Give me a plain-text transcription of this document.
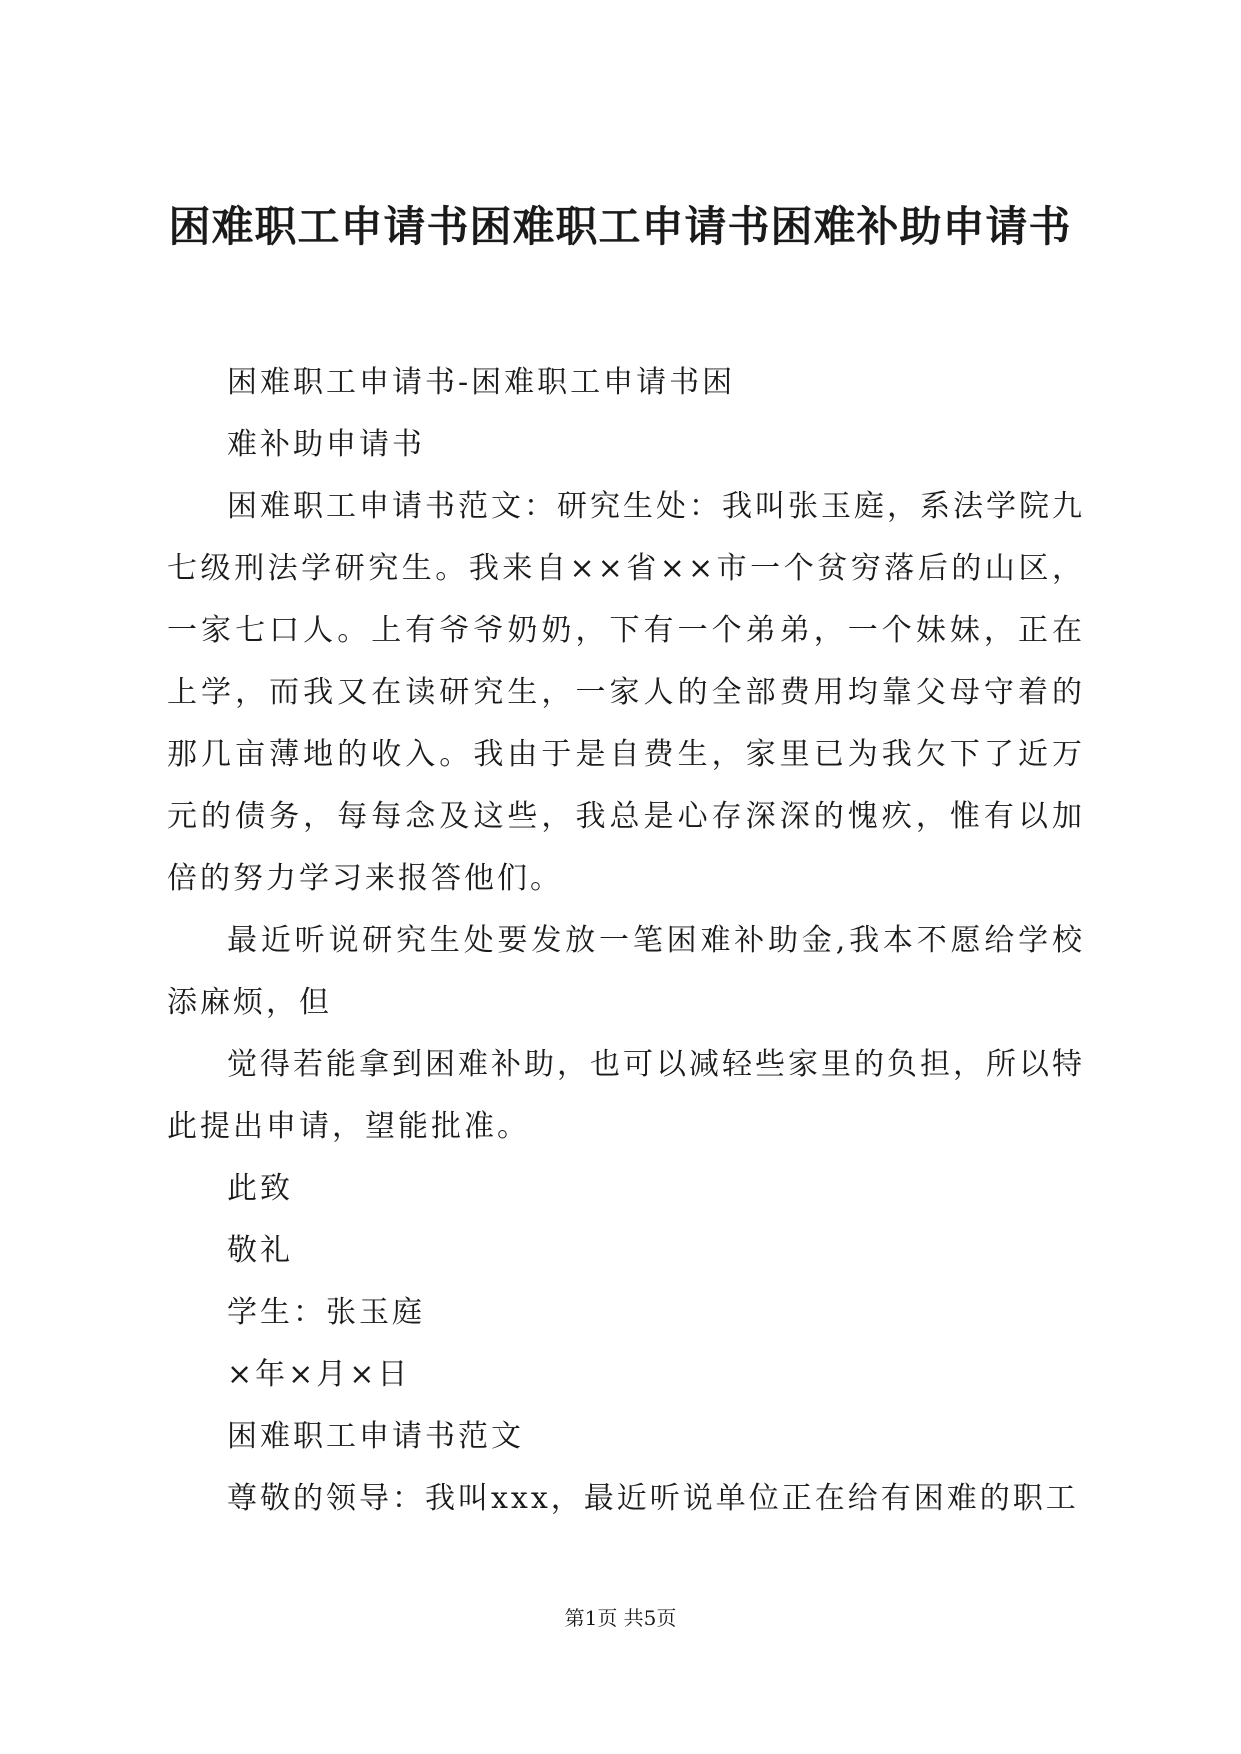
困难职工申请书困难职工申请书困难补助申请书

困难职工申请书-困难职工申请书困

难补助申请书

困难职工申请书范文：研究生处：我叫张玉庭，系法学院九七级刑法学研究生。我来自××省××市一个贫穷落后的山区，一家七口人。上有爷爷奶奶，下有一个弟弟，一个妹妹，正在上学，而我又在读研究生，一家人的全部费用均靠父母守着的那几亩薄地的收入。我由于是自费生，家里已为我欠下了近万元的债务，每每念及这些，我总是心存深深的愧疚，惟有以加倍的努力学习来报答他们。

最近听说研究生处要发放一笔困难补助金,我本不愿给学校添麻烦，但

觉得若能拿到困难补助，也可以减轻些家里的负担，所以特此提出申请，望能批准。

此致

敬礼

学生：张玉庭

×年×月×日

困难职工申请书范文

尊敬的领导：我叫xxx，最近听说单位正在给有困难的职工

第1页 共5页
